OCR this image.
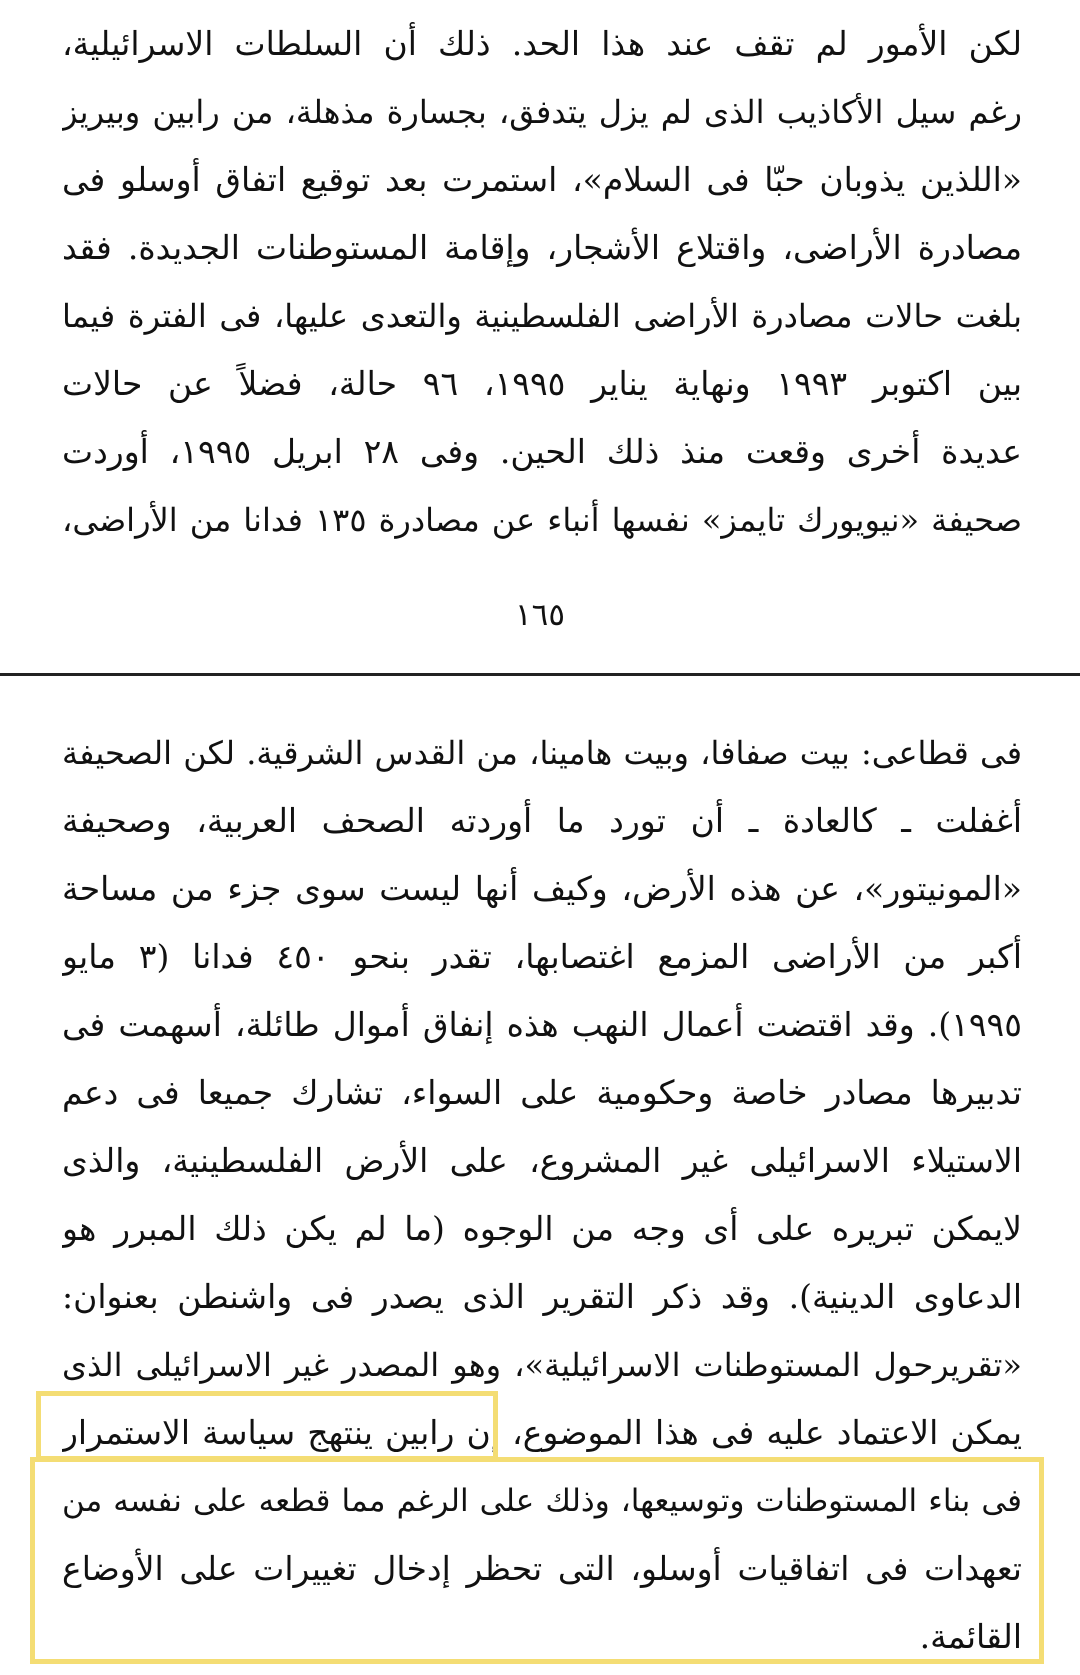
لكن الأمور لم تقف عند هذا الحد. ذلك أن السلطات الاسرائيلية،
رغم سيل الأكاذيب الذى لم يزل يتدفق، بجسارة مذهلة، من رابين وبيريز
«اللذين يذوبان حبّا فى السلام»، استمرت بعد توقيع اتفاق أوسلو فى
مصادرة الأراضى، واقتلاع الأشجار، وإقامة المستوطنات الجديدة. فقد
بلغت حالات مصادرة الأراضى الفلسطينية والتعدى عليها، فى الفترة فيما
بين اكتوبر ١٩٩٣ ونهاية يناير ١٩٩٥، ٩٦ حالة، فضلاً عن حالات
عديدة أخرى وقعت منذ ذلك الحين. وفى ٢٨ ابريل ١٩٩٥، أوردت
صحيفة «نيويورك تايمز» نفسها أنباء عن مصادرة ١٣٥ فدانا من الأراضى،
١٦٥
فى قطاعى: بيت صفافا، وبيت هامينا، من القدس الشرقية. لكن الصحيفة
أغفلت ـ كالعادة ـ أن تورد ما أوردته الصحف العربية، وصحيفة
«المونيتور»، عن هذه الأرض، وكيف أنها ليست سوى جزء من مساحة
أكبر من الأراضى المزمع اغتصابها، تقدر بنحو ٤٥٠ فدانا (٣ مايو
١٩٩٥). وقد اقتضت أعمال النهب هذه إنفاق أموال طائلة، أسهمت فى
تدبيرها مصادر خاصة وحكومية على السواء، تشارك جميعا فى دعم
الاستيلاء الاسرائيلى غير المشروع، على الأرض الفلسطينية، والذى
لايمكن تبريره على أى وجه من الوجوه (ما لم يكن ذلك المبرر هو
الدعاوى الدينية). وقد ذكر التقرير الذى يصدر فى واشنطن بعنوان:
«تقريرحول المستوطنات الاسرائيلية»، وهو المصدر غير الاسرائيلى الذى
يمكن الاعتماد عليه فى هذا الموضوع، إن رابين ينتهج سياسة الاستمرار
فى بناء المستوطنات وتوسيعها، وذلك على الرغم مما قطعه على نفسه من
تعهدات فى اتفاقيات أوسلو، التى تحظر إدخال تغييرات على الأوضاع
القائمة.
